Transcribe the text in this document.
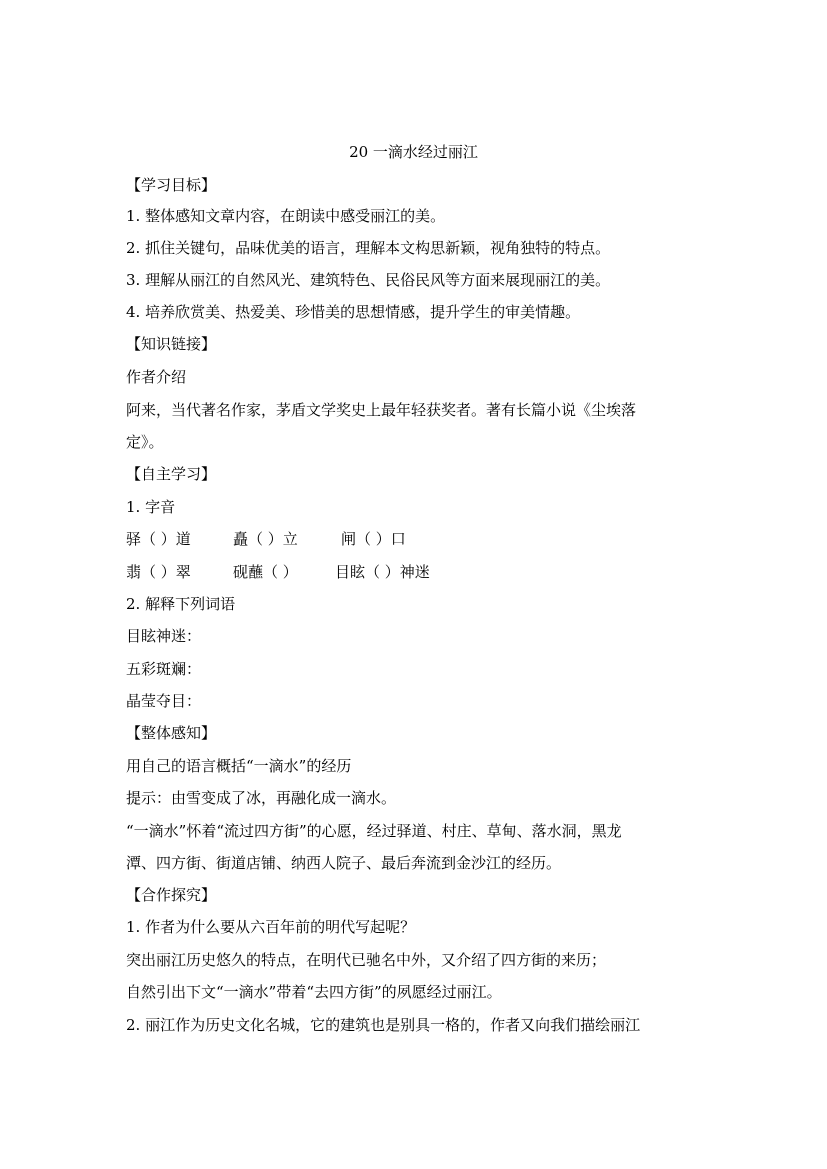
20 一滴水经过丽江
【学习目标】
1. 整体感知文章内容，在朗读中感受丽江的美。
2. 抓住关键句，品味优美的语言，理解本文构思新颖，视角独特的特点。
3. 理解从丽江的自然风光、建筑特色、民俗民风等方面来展现丽江的美。
4. 培养欣赏美、热爱美、珍惜美的思想情感，提升学生的审美情趣。
【知识链接】
作者介绍
阿来，当代著名作家，茅盾文学奖史上最年轻获奖者。著有长篇小说《尘埃落
定》。
【自主学习】
1. 字音
驿（ ）道	矗（ ）立	闸（ ）口
翡（ ）翠	砚蘸（ ） 目眩（ ）神迷
2. 解释下列词语
目眩神迷：
五彩斑斓：
晶莹夺目：
【整体感知】
用自己的语言概括“一滴水”的经历
提示：由雪变成了冰，再融化成一滴水。
“一滴水”怀着“流过四方街”的心愿，经过驿道、村庄、草甸、落水洞，黑龙
潭、四方街、街道店铺、纳西人院子、最后奔流到金沙江的经历。
【合作探究】
1. 作者为什么要从六百年前的明代写起呢？
突出丽江历史悠久的特点，在明代已驰名中外，又介绍了四方街的来历；
自然引出下文“一滴水”带着“去四方街”的夙愿经过丽江。
2. 丽江作为历史文化名城，它的建筑也是别具一格的，作者又向我们描绘丽江
